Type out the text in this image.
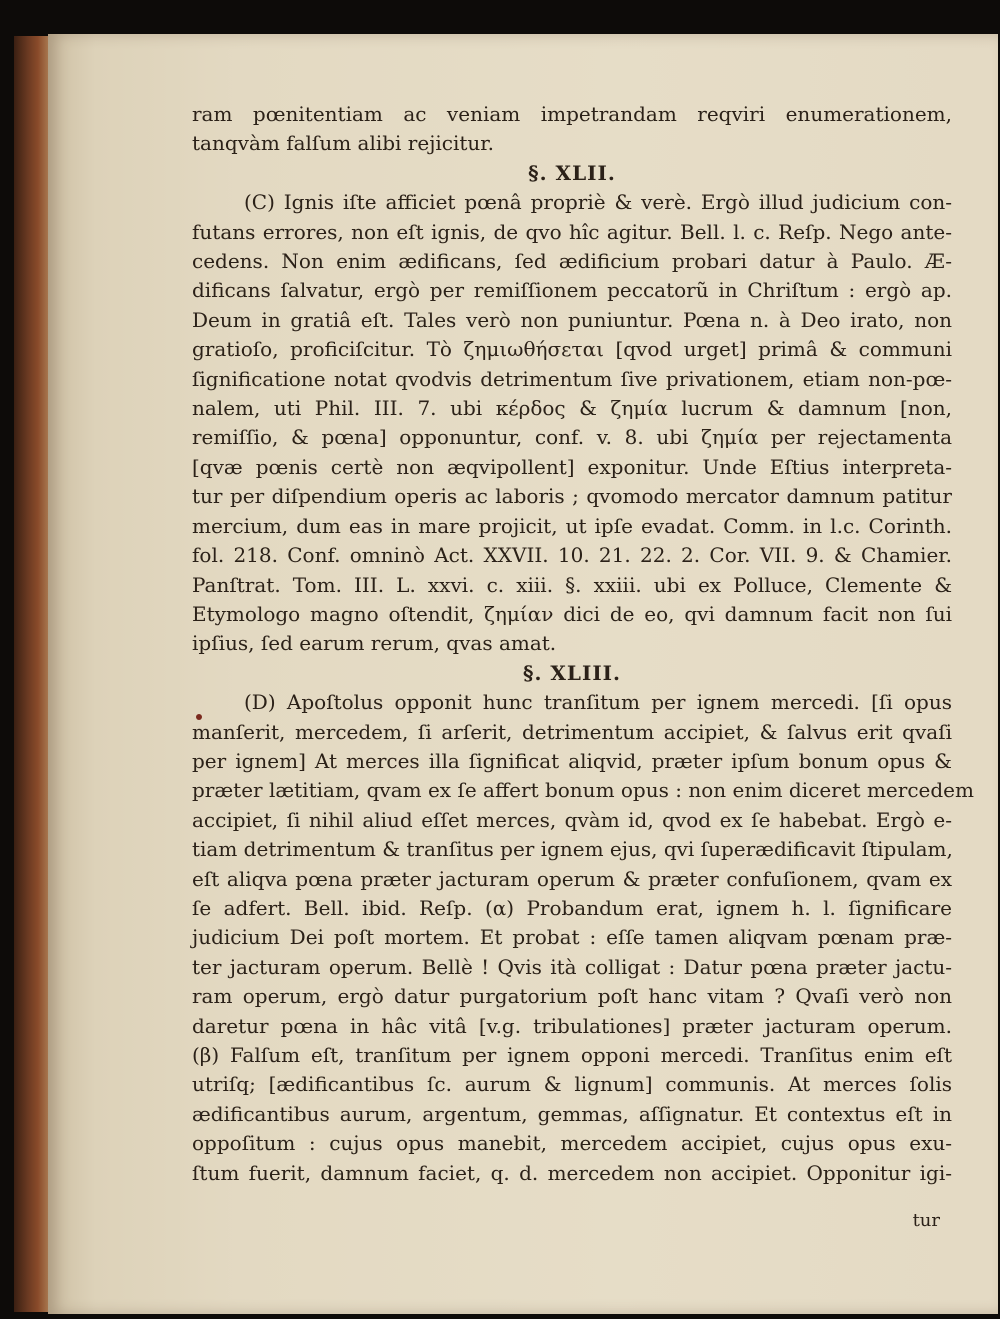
ram pœnitentiam ac veniam impetrandam reqviri enumerationem,
tanqvàm falſum alibi rejicitur.
§. XLII.
(C) Ignis iſte afficiet pœnâ propriè & verè. Ergò illud judicium con-
futans errores, non eſt ignis, de qvo hîc agitur. Bell. l. c. Reſp. Nego ante-
cedens. Non enim ædificans, ſed ædificium probari datur à Paulo. Æ-
dificans ſalvatur, ergò per remiſſionem peccatorũ in Chriſtum : ergò ap.
Deum in gratiâ eſt. Tales verò non puniuntur. Pœna n. à Deo irato, non
gratioſo, proficiſcitur. Τὸ ζημιωθήσεται [qvod urget] primâ & communi
ſignificatione notat qvodvis detrimentum ſive privationem, etiam non-pœ-
nalem, uti Phil. III. 7. ubi κέρδος & ζημία lucrum & damnum [non,
remiſſio, & pœna] opponuntur, conf. v. 8. ubi ζημία per rejectamenta
[qvæ pœnis certè non æqvipollent] exponitur. Unde Eſtius interpreta-
tur per diſpendium operis ac laboris ; qvomodo mercator damnum patitur
mercium, dum eas in mare projicit, ut ipſe evadat. Comm. in l.c. Corinth.
fol. 218. Conf. omninò Act. XXVII. 10. 21. 22. 2. Cor. VII. 9. & Chamier.
Panſtrat. Tom. III. L. xxvi. c. xiii. §. xxiii. ubi ex Polluce, Clemente &
Etymologo magno oſtendit, ζημίαν dici de eo, qvi damnum facit non ſui
ipſius, ſed earum rerum, qvas amat.
§. XLIII.
(D) Apoſtolus opponit hunc tranſitum per ignem mercedi. [ſi opus
manſerit, mercedem, ſi arſerit, detrimentum accipiet, & ſalvus erit qvaſi
per ignem] At merces illa ſignificat aliqvid, præter ipſum bonum opus &
præter lætitiam, qvam ex ſe affert bonum opus : non enim diceret mercedem
accipiet, ſi nihil aliud eſſet merces, qvàm id, qvod ex ſe habebat. Ergò e-
tiam detrimentum & tranſitus per ignem ejus, qvi ſuperædificavit ſtipulam,
eſt aliqva pœna præter jacturam operum & præter confuſionem, qvam ex
ſe adfert. Bell. ibid. Reſp. (α) Probandum erat, ignem h. l. ſignificare
judicium Dei poſt mortem. Et probat : eſſe tamen aliqvam pœnam præ-
ter jacturam operum. Bellè ! Qvis ità colligat : Datur pœna præter jactu-
ram operum, ergò datur purgatorium poſt hanc vitam ? Qvaſi verò non
daretur pœna in hâc vitâ [v.g. tribulationes] præter jacturam operum.
(β) Falſum eſt, tranſitum per ignem opponi mercedi. Tranſitus enim eſt
utriſq; [ædificantibus ſc. aurum & lignum] communis. At merces ſolis
ædificantibus aurum, argentum, gemmas, aſſignatur. Et contextus eſt in
oppoſitum : cujus opus manebit, mercedem accipiet, cujus opus exu-
ſtum fuerit, damnum faciet, q. d. mercedem non accipiet. Opponitur igi-
tur
